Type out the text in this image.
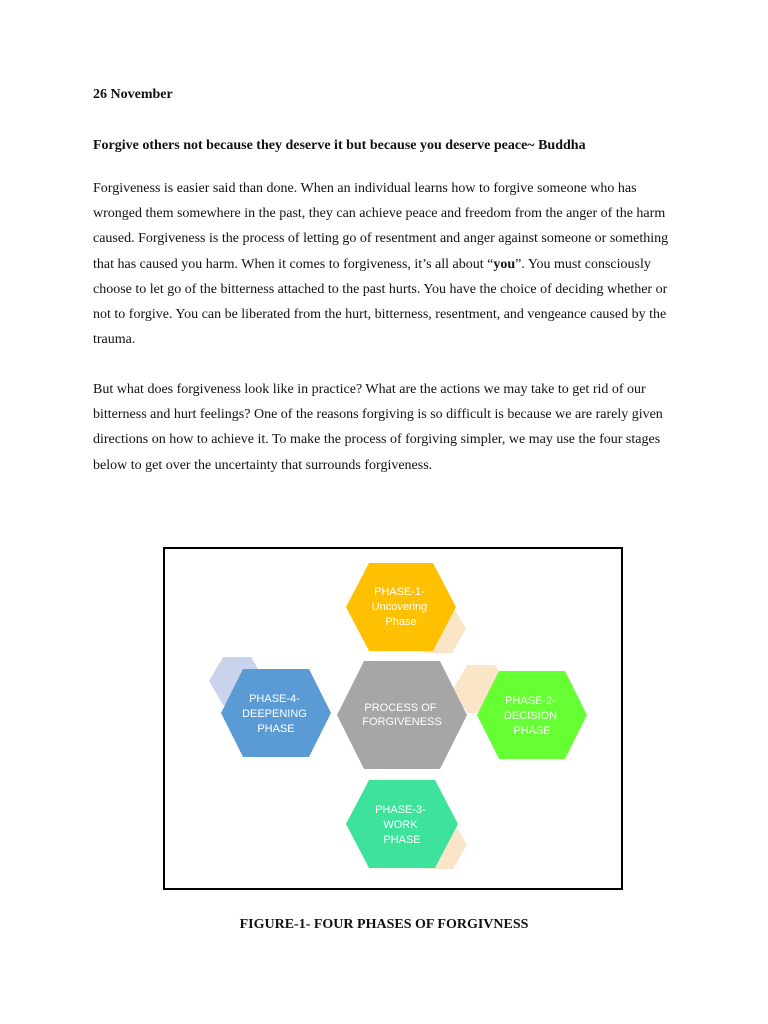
26 November
Forgive others not because they deserve it but because you deserve peace~ Buddha

Forgiveness is easier said than done. When an individual learns how to forgive someone who has wronged them somewhere in the past, they can achieve peace and freedom from the anger of the harm caused. Forgiveness is the process of letting go of resentment and anger against someone or something that has caused you harm. When it comes to forgiveness, it’s all about “you”. You must consciously choose to let go of the bitterness attached to the past hurts. You have the choice of deciding whether or not to forgive. You can be liberated from the hurt, bitterness, resentment, and vengeance caused by the trauma.

But what does forgiveness look like in practice? What are the actions we may take to get rid of our bitterness and hurt feelings? One of the reasons forgiving is so difficult is because we are rarely given directions on how to achieve it. To make the process of forgiving simpler, we may use the four stages below to get over the uncertainty that surrounds forgiveness.

PROCESS OF FORGIVENESS
PHASE-1- Uncovering Phase
PHASE-2- DECISION PHASE
PHASE-3- WORK PHASE
PHASE-4- DEEPENING PHASE
FIGURE-1- FOUR PHASES OF FORGIVNESS
